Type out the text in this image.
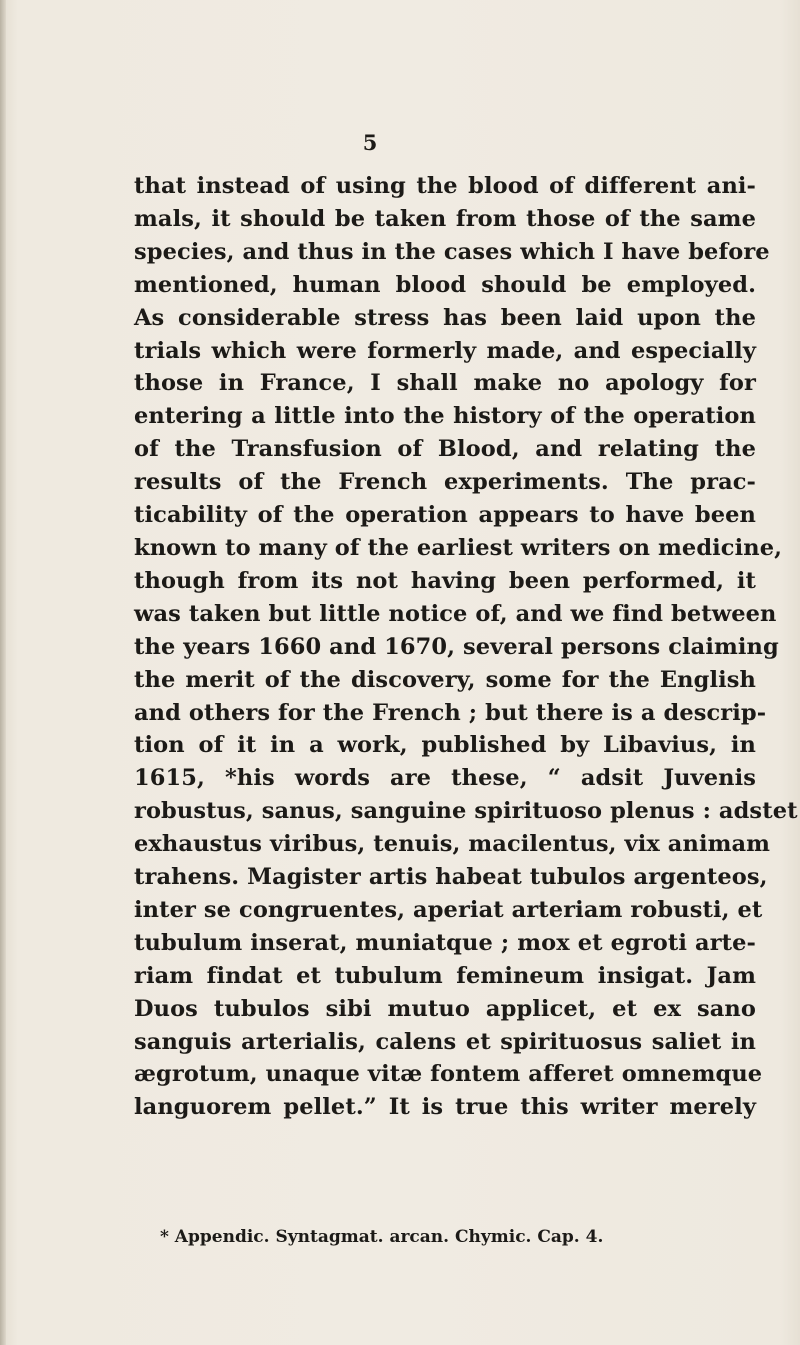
5
that instead of using the blood of different ani-
mals, it should be taken from those of the same
species, and thus in the cases which I have before
mentioned, human blood should be employed.
As considerable stress has been laid upon the
trials which were formerly made, and especially
those in France, I shall make no apology for
entering a little into the history of the operation
of the Transfusion of Blood, and relating the
results of the French experiments. The prac-
ticability of the operation appears to have been
known to many of the earliest writers on medicine,
though from its not having been performed, it
was taken but little notice of, and we find between
the years 1660 and 1670, several persons claiming
the merit of the discovery, some for the English
and others for the French ; but there is a descrip-
tion of it in a work, published by Libavius, in
1615, *his words are these, “ adsit Juvenis
robustus, sanus, sanguine spirituoso plenus : adstet
exhaustus viribus, tenuis, macilentus, vix animam
trahens. Magister artis habeat tubulos argenteos,
inter se congruentes, aperiat arteriam robusti, et
tubulum inserat, muniatque ; mox et egroti arte-
riam findat et tubulum femineum insigat. Jam
Duos tubulos sibi mutuo applicet, et ex sano
sanguis arterialis, calens et spirituosus saliet in
ægrotum, unaque vitæ fontem afferet omnemque
languorem pellet.” It is true this writer merely
* Appendic. Syntagmat. arcan. Chymic. Cap. 4.
